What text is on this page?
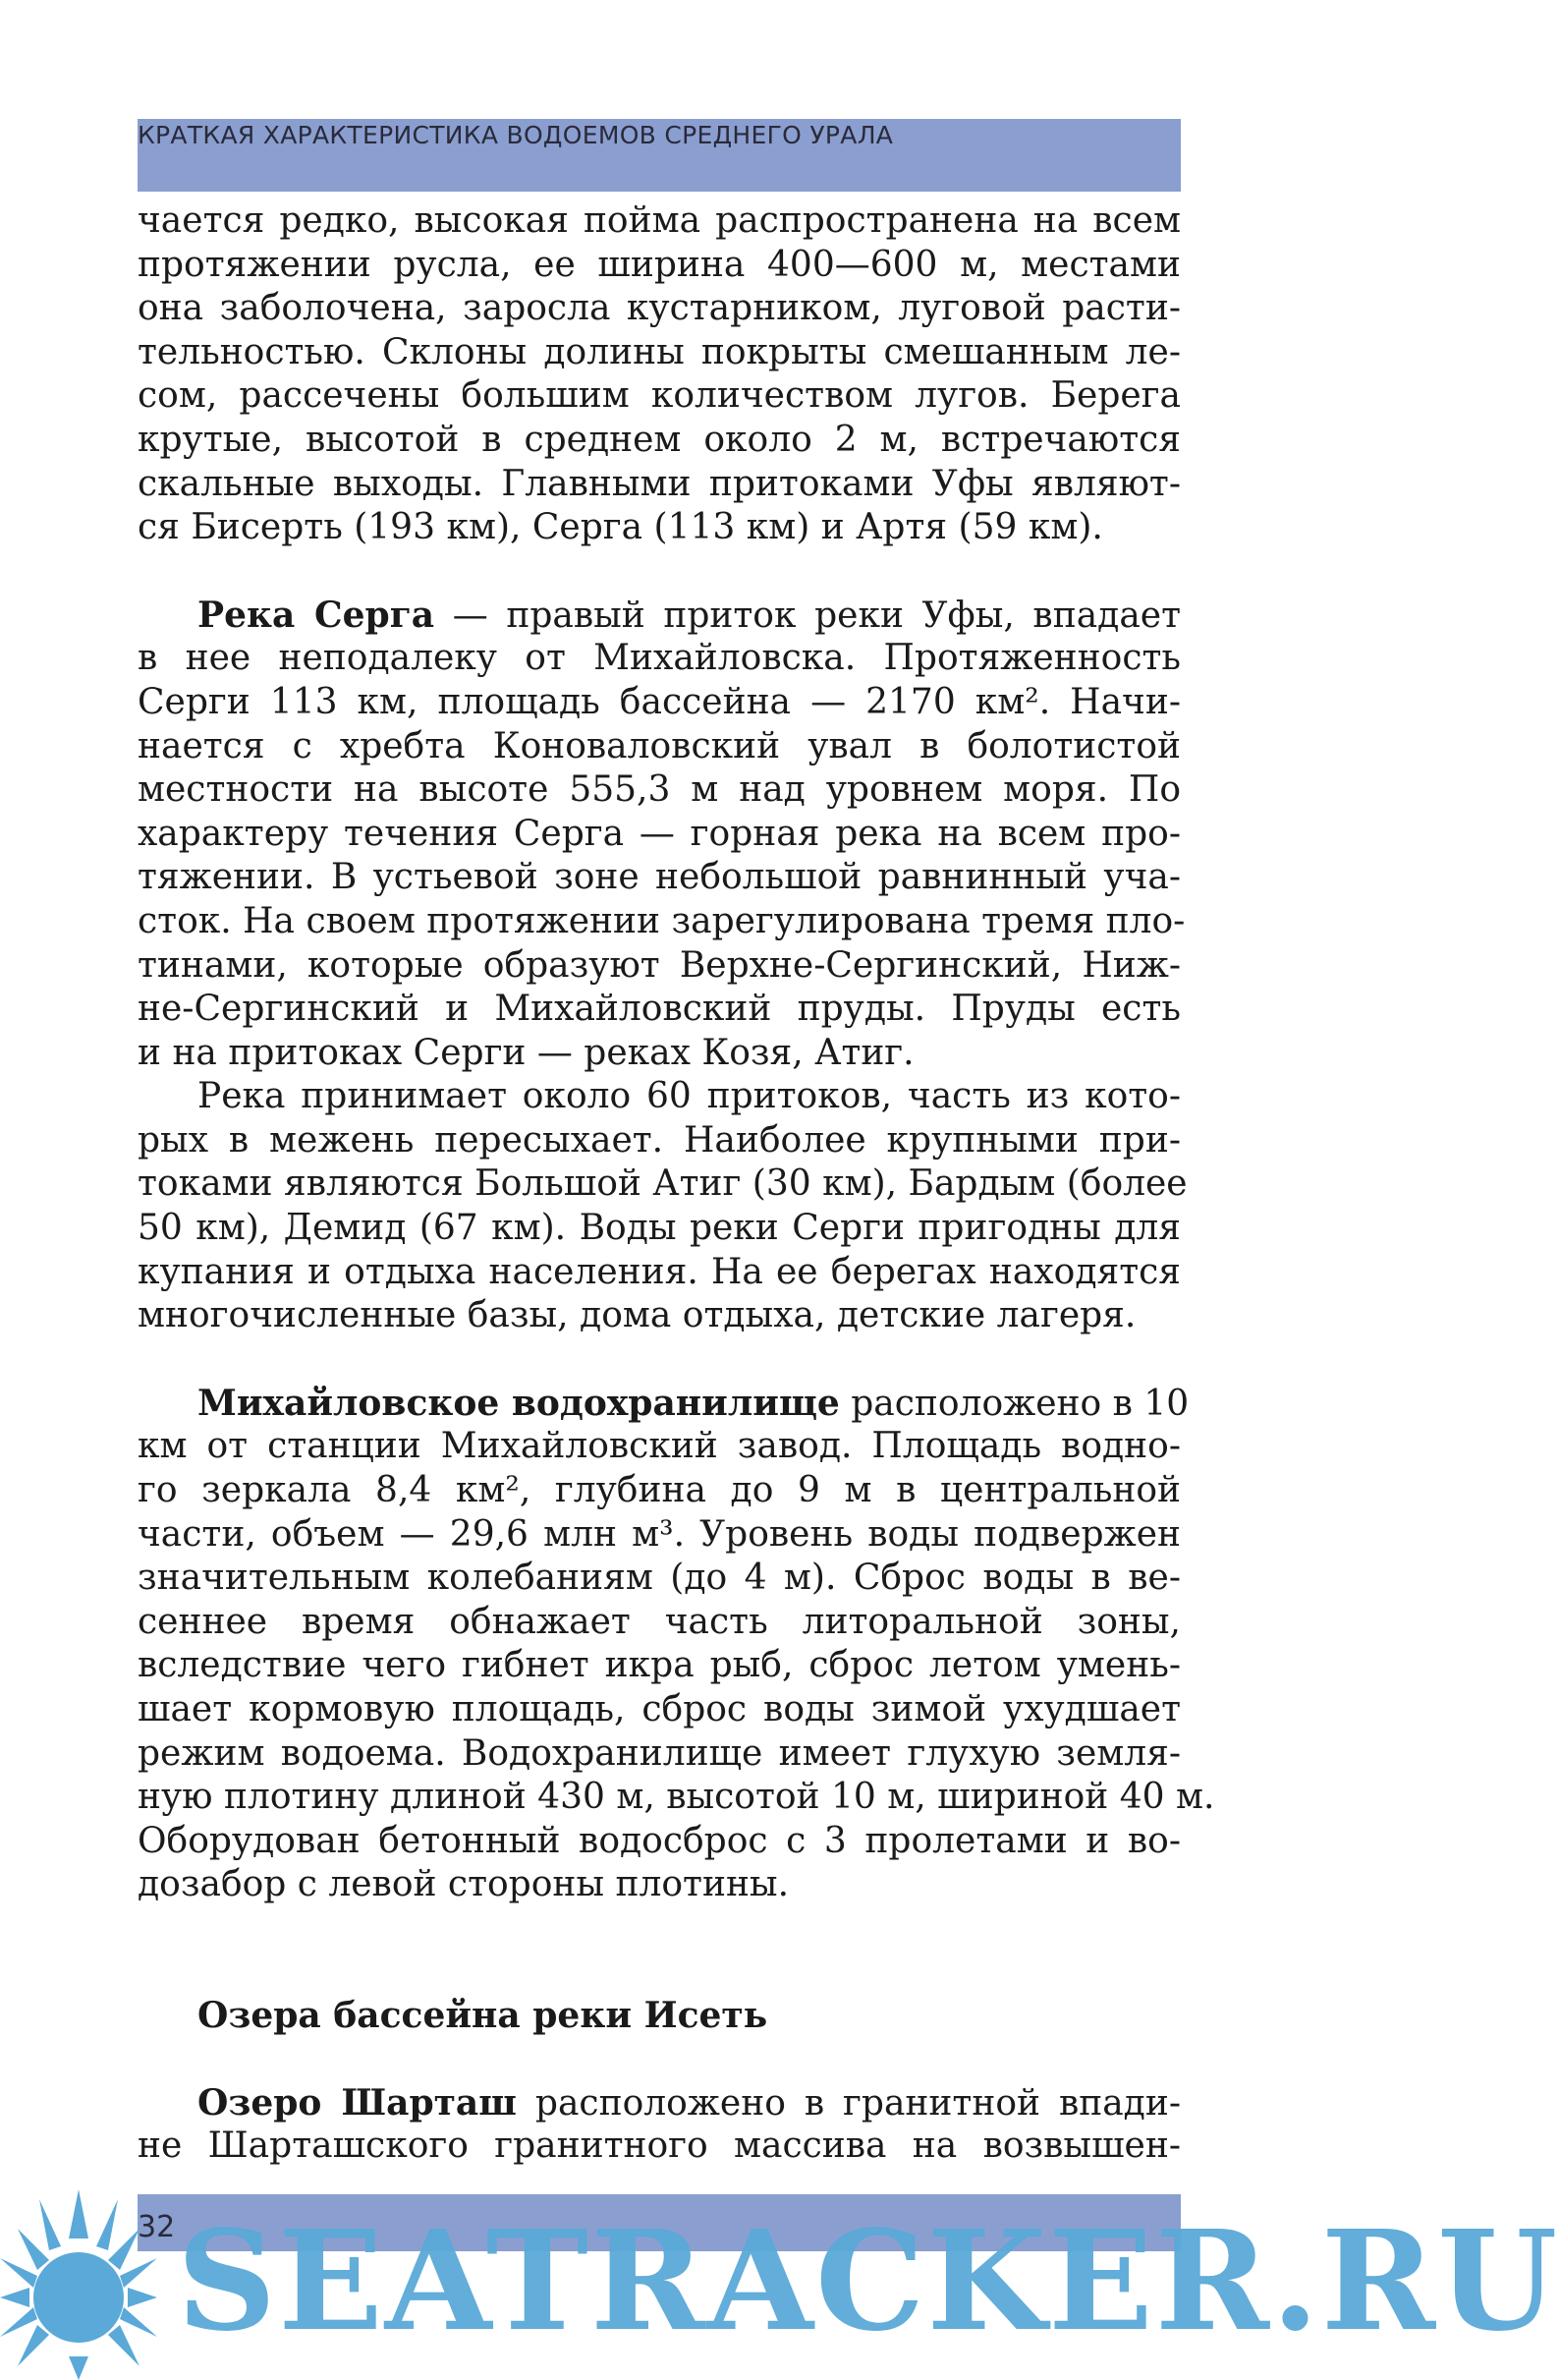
КРАТКАЯ ХАРАКТЕРИСТИКА ВОДОЕМОВ СРЕДНЕГО УРАЛА
чается редко, высокая пойма распространена на всем
протяжении русла, ее ширина 400—600 м, местами
она заболочена, заросла кустарником, луговой расти-
тельностью. Склоны долины покрыты смешанным ле-
сом, рассечены большим количеством лугов. Берега
крутые, высотой в среднем около 2 м, встречаются
скальные выходы. Главными притоками Уфы являют-
ся Бисерть (193 км), Серга (113 км) и Артя (59 км).
Река Серга — правый приток реки Уфы, впадает
в нее неподалеку от Михайловска. Протяженность
Серги 113 км, площадь бассейна — 2170 км². Начи-
нается с хребта Коноваловский увал в болотистой
местности на высоте 555,3 м над уровнем моря. По
характеру течения Серга — горная река на всем про-
тяжении. В устьевой зоне небольшой равнинный уча-
сток. На своем протяжении зарегулирована тремя пло-
тинами, которые образуют Верхне-Сергинский, Ниж-
не-Сергинский и Михайловский пруды. Пруды есть
и на притоках Серги — реках Козя, Атиг.
Река принимает около 60 притоков, часть из кото-
рых в межень пересыхает. Наиболее крупными при-
токами являются Большой Атиг (30 км), Бардым (более
50 км), Демид (67 км). Воды реки Серги пригодны для
купания и отдыха населения. На ее берегах находятся
многочисленные базы, дома отдыха, детские лагеря.
Михайловское водохранилище расположено в 10
км от станции Михайловский завод. Площадь водно-
го зеркала 8,4 км², глубина до 9 м в центральной
части, объем — 29,6 млн м³. Уровень воды подвержен
значительным колебаниям (до 4 м). Сброс воды в ве-
сеннее время обнажает часть литоральной зоны,
вследствие чего гибнет икра рыб, сброс летом умень-
шает кормовую площадь, сброс воды зимой ухудшает
режим водоема. Водохранилище имеет глухую земля-
ную плотину длиной 430 м, высотой 10 м, шириной 40 м.
Оборудован бетонный водосброс с 3 пролетами и во-
дозабор с левой стороны плотины.
Озера бассейна реки Исеть
Озеро Шарташ расположено в гранитной впади-
не Шарташского гранитного массива на возвышен-
32 SEATRACKER.RU
